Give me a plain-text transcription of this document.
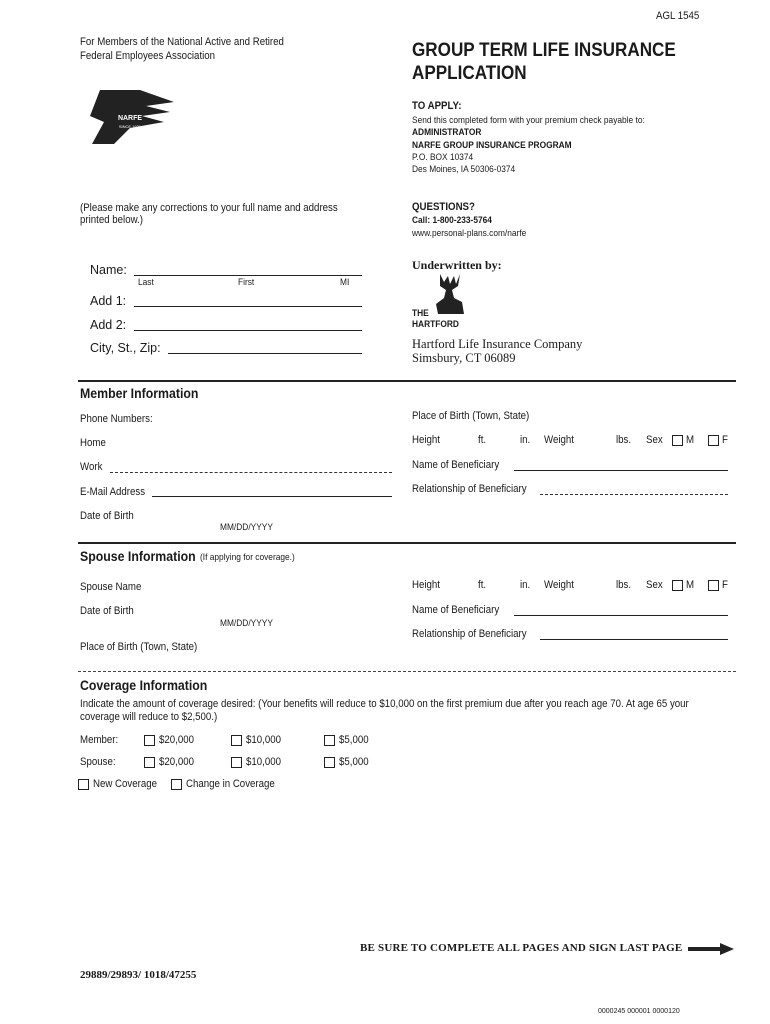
AGL 1545
For Members of the National Active and Retired
Federal Employees Association
NARFE
SINCE 1921
GROUP TERM LIFE INSURANCE
APPLICATION
TO APPLY:
Send this completed form with your premium check payable to:
ADMINISTRATOR
NARFE GROUP INSURANCE PROGRAM
P.O. BOX 10374
Des Moines, IA 50306-0374
(Please make any corrections to your full name and address
printed below.)
QUESTIONS?
Call: 1-800-233-5764
www.personal-plans.com/narfe
Name:
Last	First	MI
Add 1:
Add 2:
City, St., Zip:
Underwritten by:
THE
HARTFORD
Hartford Life Insurance Company
Simsbury, CT 06089
Member Information
Phone Numbers:
Home
Work
E-Mail Address
Date of Birth
MM/DD/YYYY
Place of Birth (Town, State)
Height	ft.	in. Weight	lbs. Sex M	F
Name of Beneficiary
Relationship of Beneficiary
Spouse Information (If applying for coverage.)
Spouse Name
Date of Birth
MM/DD/YYYY
Place of Birth (Town, State)
Height	ft.	in. Weight	lbs. Sex M	F
Name of Beneficiary
Relationship of Beneficiary
Coverage Information
Indicate the amount of coverage desired: (Your benefits will reduce to $10,000 on the first premium due after you reach age 70. At age 65 your
coverage will reduce to $2,500.)
Member:	$20,000	$10,000	$5,000
Spouse:	$20,000	$10,000	$5,000
New Coverage	Change in Coverage
BE SURE TO COMPLETE ALL PAGES AND SIGN LAST PAGE
29889/29893/ 1018/47255
0000245 000001 0000120
